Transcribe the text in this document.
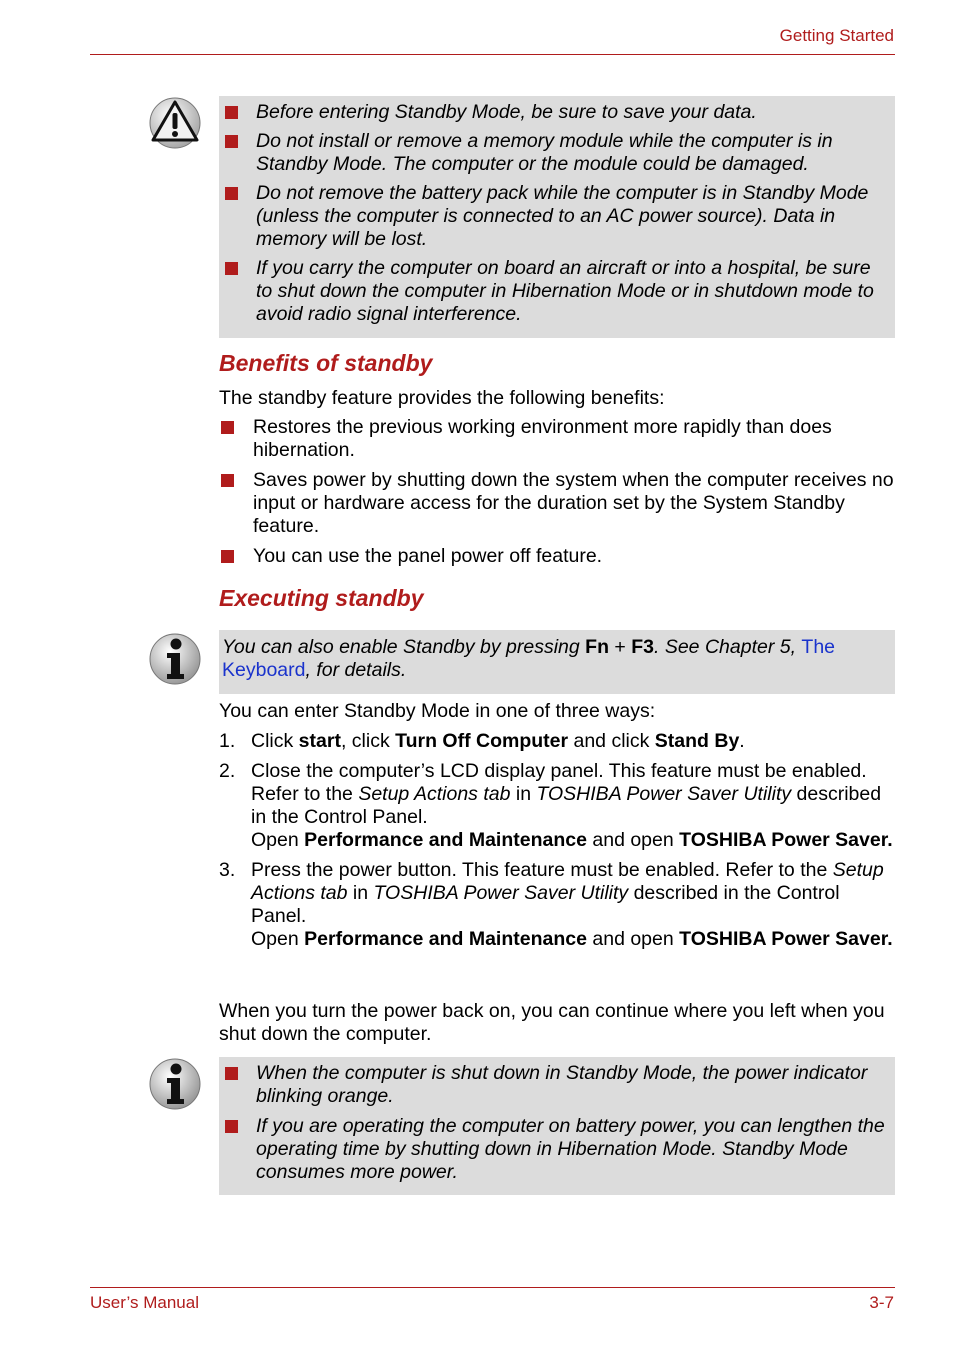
Getting Started
Before entering Standby Mode, be sure to save your data.
Do not install or remove a memory module while the computer is in Standby Mode. The computer or the module could be damaged.
Do not remove the battery pack while the computer is in Standby Mode (unless the computer is connected to an AC power source). Data in memory will be lost.
If you carry the computer on board an aircraft or into a hospital, be sure to shut down the computer in Hibernation Mode or in shutdown mode to avoid radio signal interference.
Benefits of standby
The standby feature provides the following benefits:
Restores the previous working environment more rapidly than does hibernation.
Saves power by shutting down the system when the computer receives no input or hardware access for the duration set by the System Standby feature.
You can use the panel power off feature.
Executing standby
You can also enable Standby by pressing Fn + F3. See Chapter 5, The Keyboard, for details.
You can enter Standby Mode in one of three ways:
1. Click start, click Turn Off Computer and click Stand By.
2. Close the computer’s LCD display panel. This feature must be enabled. Refer to the Setup Actions tab in TOSHIBA Power Saver Utility described in the Control Panel.
Open Performance and Maintenance and open TOSHIBA Power Saver.
3. Press the power button. This feature must be enabled. Refer to the Setup Actions tab in TOSHIBA Power Saver Utility described in the Control Panel.
Open Performance and Maintenance and open TOSHIBA Power Saver.
When you turn the power back on, you can continue where you left when you shut down the computer.
When the computer is shut down in Standby Mode, the power indicator blinking orange.
If you are operating the computer on battery power, you can lengthen the operating time by shutting down in Hibernation Mode. Standby Mode consumes more power.
User’s Manual	3-7
